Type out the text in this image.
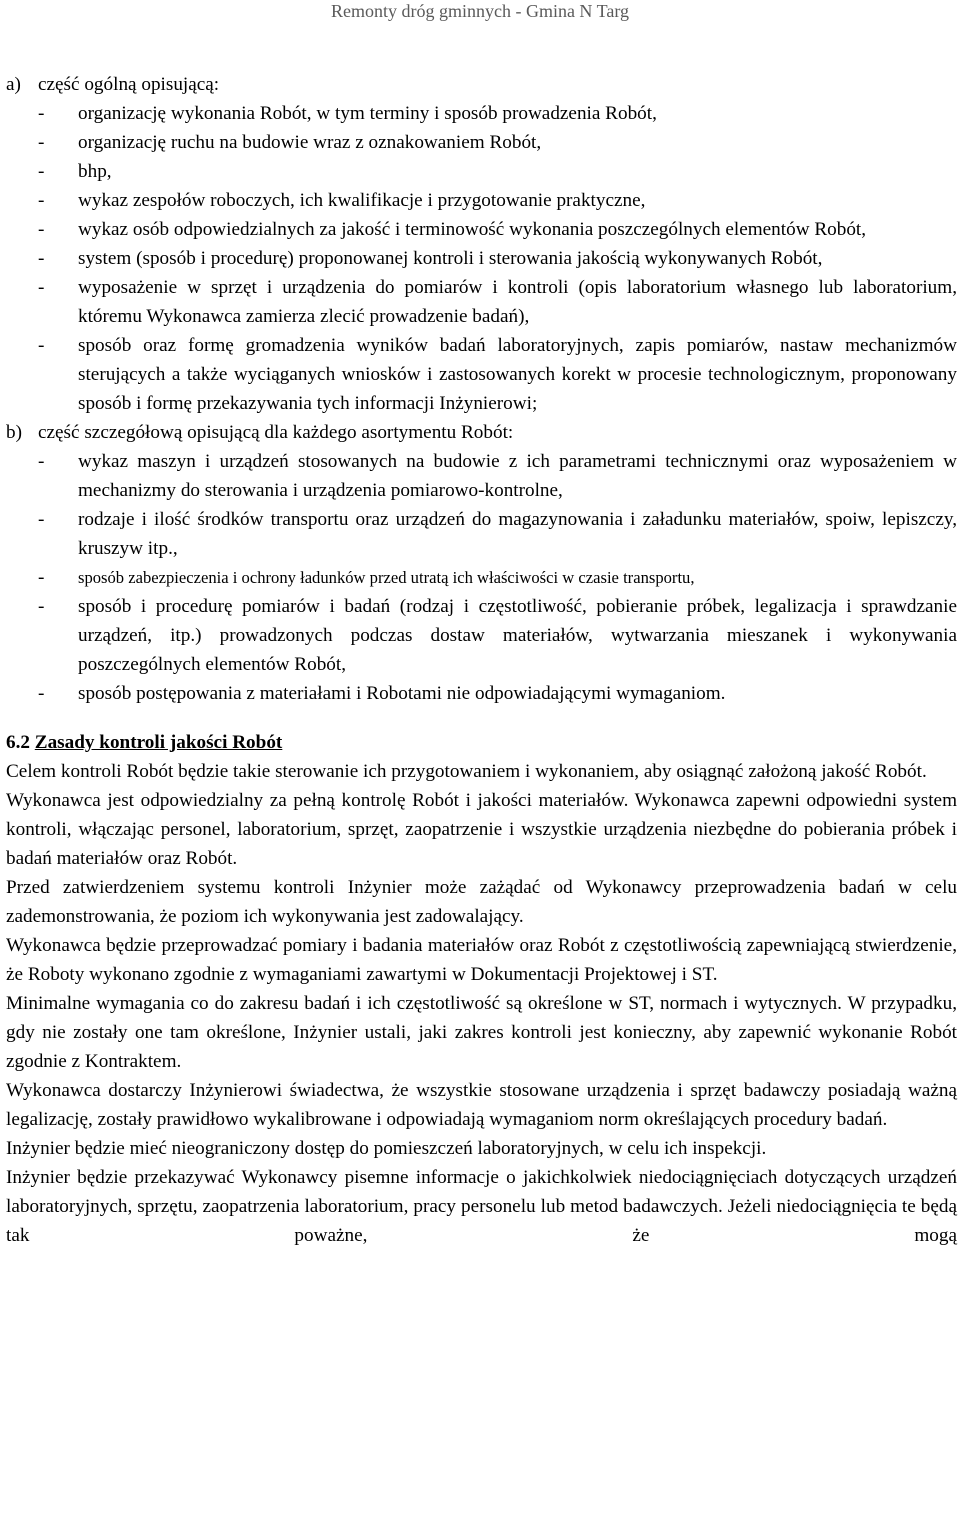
Remonty dróg gminnych - Gmina N Targ
a) część ogólną opisującą:
-	organizację wykonania Robót, w tym terminy i sposób prowadzenia Robót,
-	organizację ruchu na budowie wraz z oznakowaniem Robót,
-	bhp,
-	wykaz zespołów roboczych, ich kwalifikacje i przygotowanie praktyczne,
-	wykaz osób odpowiedzialnych za jakość i terminowość wykonania poszczególnych elementów Robót,
-	system (sposób i procedurę) proponowanej kontroli i sterowania jakością wykonywanych Robót,
-	wyposażenie w sprzęt i urządzenia do pomiarów i kontroli (opis laboratorium własnego lub laboratorium, któremu Wykonawca zamierza zlecić prowadzenie badań),
-	sposób oraz formę gromadzenia wyników badań laboratoryjnych, zapis pomiarów, nastaw mechanizmów sterujących a także wyciąganych wniosków i zastosowanych korekt w procesie technologicznym, proponowany sposób i formę przekazywania tych informacji Inżynierowi;
b) część szczegółową opisującą dla każdego asortymentu Robót:
-	wykaz maszyn i urządzeń stosowanych na budowie z ich parametrami technicznymi oraz wyposażeniem w mechanizmy do sterowania i urządzenia pomiarowo-kontrolne,
-	rodzaje i ilość środków transportu oraz urządzeń do magazynowania i załadunku materiałów, spoiw, lepiszczy, kruszyw itp.,
-	sposób zabezpieczenia i ochrony ładunków przed utratą ich właściwości w czasie transportu,
-	sposób i procedurę pomiarów i badań (rodzaj i częstotliwość, pobieranie próbek, legalizacja i sprawdzanie urządzeń, itp.) prowadzonych podczas dostaw materiałów, wytwarzania mieszanek i wykonywania poszczególnych elementów Robót,
-	sposób postępowania z materiałami i Robotami nie odpowiadającymi wymaganiom.
6.2 Zasady kontroli jakości Robót

Celem kontroli Robót będzie takie sterowanie ich przygotowaniem i wykonaniem, aby osiągnąć założoną jakość Robót.

Wykonawca jest odpowiedzialny za pełną kontrolę Robót i jakości materiałów. Wykonawca zapewni odpowiedni system kontroli, włączając personel, laboratorium, sprzęt, zaopatrzenie i wszystkie urządzenia niezbędne do pobierania próbek i badań materiałów oraz Robót.

Przed zatwierdzeniem systemu kontroli Inżynier może zażądać od Wykonawcy przeprowadzenia badań w celu zademonstrowania, że poziom ich wykonywania jest zadowalający.

Wykonawca będzie przeprowadzać pomiary i badania materiałów oraz Robót z częstotliwością zapewniającą stwierdzenie, że Roboty wykonano zgodnie z wymaganiami zawartymi w Dokumentacji Projektowej i ST.

Minimalne wymagania co do zakresu badań i ich częstotliwość są określone w ST, normach i wytycznych. W przypadku, gdy nie zostały one tam określone, Inżynier ustali, jaki zakres kontroli jest konieczny, aby zapewnić wykonanie Robót zgodnie z Kontraktem.

Wykonawca dostarczy Inżynierowi świadectwa, że wszystkie stosowane urządzenia i sprzęt badawczy posiadają ważną legalizację, zostały prawidłowo wykalibrowane i odpowiadają wymaganiom norm określających procedury badań.

Inżynier będzie mieć nieograniczony dostęp do pomieszczeń laboratoryjnych, w celu ich inspekcji.

Inżynier będzie przekazywać Wykonawcy pisemne informacje o jakichkolwiek niedociągnięciach dotyczących urządzeń laboratoryjnych, sprzętu, zaopatrzenia laboratorium, pracy personelu lub metod badawczych. Jeżeli niedociągnięcia te będą tak poważne, że mogą
